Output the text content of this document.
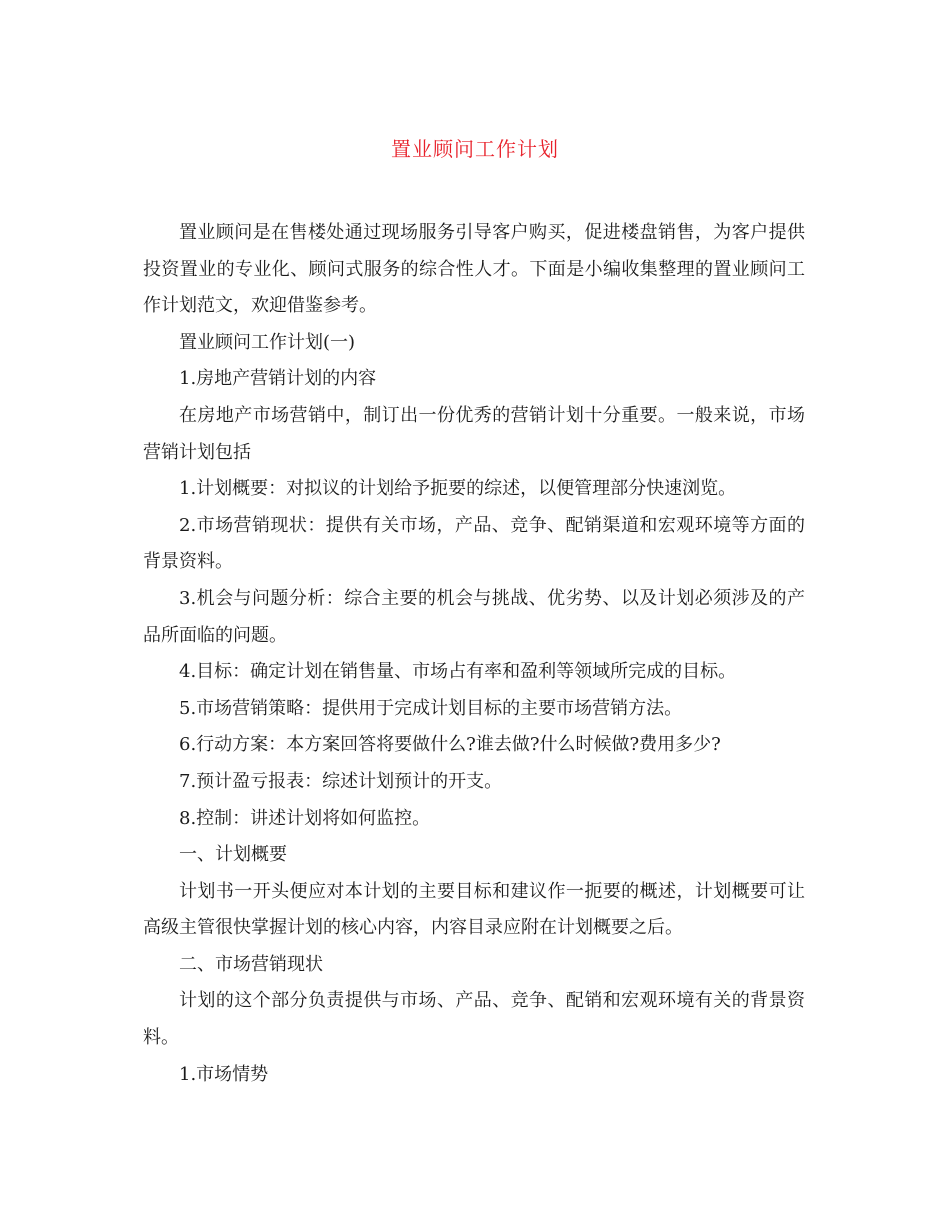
置业顾问工作计划

置业顾问是在售楼处通过现场服务引导客户购买，促进楼盘销售，为客户提供投资置业的专业化、顾问式服务的综合性人才。下面是小编收集整理的置业顾问工作计划范文，欢迎借鉴参考。

置业顾问工作计划(一)

1.房地产营销计划的内容

在房地产市场营销中，制订出一份优秀的营销计划十分重要。一般来说，市场营销计划包括

1.计划概要：对拟议的计划给予扼要的综述，以便管理部分快速浏览。

2.市场营销现状：提供有关市场，产品、竞争、配销渠道和宏观环境等方面的背景资料。

3.机会与问题分析：综合主要的机会与挑战、优劣势、以及计划必须涉及的产品所面临的问题。

4.目标：确定计划在销售量、市场占有率和盈利等领域所完成的目标。

5.市场营销策略：提供用于完成计划目标的主要市场营销方法。

6.行动方案：本方案回答将要做什么?谁去做?什么时候做?费用多少?

7.预计盈亏报表：综述计划预计的开支。

8.控制：讲述计划将如何监控。

一、计划概要

计划书一开头便应对本计划的主要目标和建议作一扼要的概述，计划概要可让高级主管很快掌握计划的核心内容，内容目录应附在计划概要之后。

二、市场营销现状

计划的这个部分负责提供与市场、产品、竞争、配销和宏观环境有关的背景资料。

1.市场情势
